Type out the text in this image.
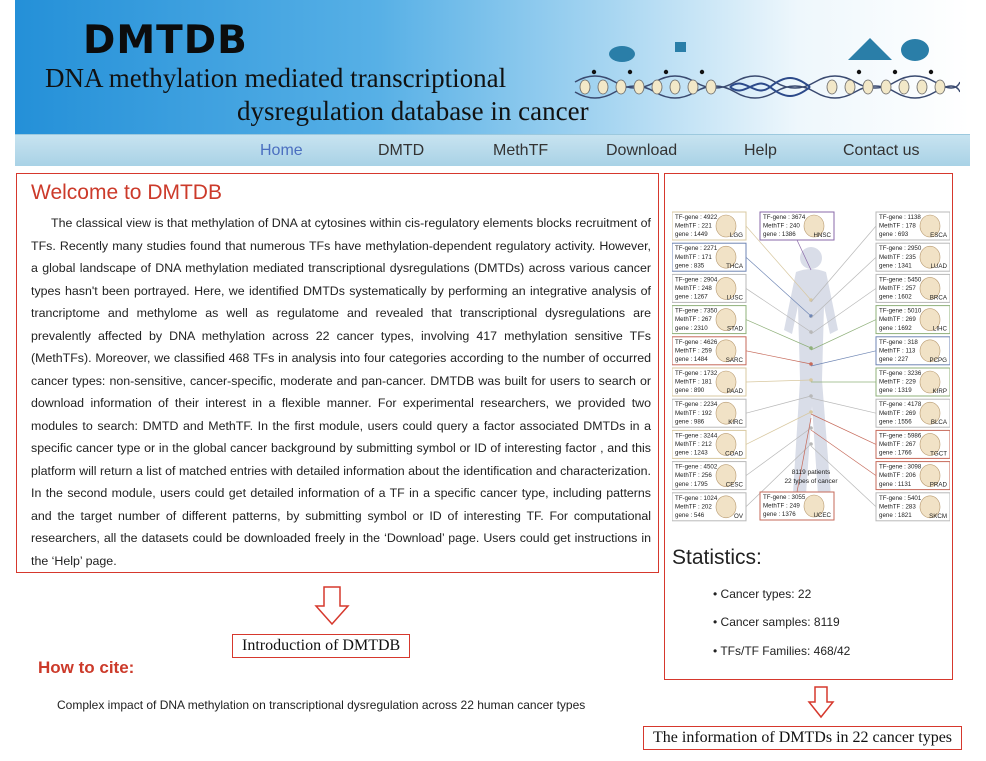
DMTDB
DNA methylation mediated transcriptional
dysregulation database in cancer
Home	DMTD	MethTF	Download	Help	Contact us
Welcome to DMTDB

The classical view is that methylation of DNA at cytosines within cis-regulatory elements blocks recruitment of TFs. Recently many studies found that numerous TFs have methylation-dependent regulatory activity. However, a global landscape of DNA methylation mediated transcriptional dysregulations (DMTDs) across various cancer types hasn't been portrayed. Here, we identified DMTDs systematically by performing an integrative analysis of trancriptome and methylome as well as regulatome and revealed that transcriptional dysregulations are prevalently affected by DNA methylation across 22 cancer types, involving 417 methylation sensitive TFs (MethTFs). Moreover, we classified 468 TFs in analysis into four categories according to the number of occurred cancer types: non-sensitive, cancer-specific, moderate and pan-cancer. DMTDB was built for users to search or download information of their interest in a flexible manner. For experimental researchers, we provided two modules to search: DMTD and MethTF. In the first module, users could query a factor associated DMTDs in a specific cancer type or in the global cancer background by submitting symbol or ID of interesting factor , and this platform will return a list of matched entries with detailed information about the identification and characterization. In the second module, users could get detailed information of a TF in a specific cancer type, including patterns and the target number of different patterns, by submitting symbol or ID of interesting TF. For computational researchers, all the datasets could be downloaded freely in the ‘Download’ page. Users could get instructions in the ‘Help’ page.

TF-gene : 4922
MethTF : 221
gene : 1449	LGG
TF-gene : 2271
MethTF : 171
gene : 835	THCA
TF-gene : 2904
MethTF : 248
gene : 1267	LUSC
TF-gene : 7350
MethTF : 267
gene : 2310	STAD
TF-gene : 4626
MethTF : 259
gene : 1484	SARC
TF-gene : 1732
MethTF : 181
gene : 890	PAAD
TF-gene : 2234
MethTF : 192
gene : 986	KIRC
TF-gene : 3244
MethTF : 212
gene : 1243	COAD
TF-gene : 4502
MethTF : 256
gene : 1795	CESC
TF-gene : 1024
MethTF : 202
gene : 546	OV
TF-gene : 1138
MethTF : 178
gene : 693	ESCA
TF-gene : 2950
MethTF : 235
gene : 1341	LUAD
TF-gene : 5450
MethTF : 257
gene : 1602	BRCA
TF-gene : 5010
MethTF : 269
gene : 1692	LIHC
TF-gene : 318
MethTF : 113
gene : 227	PCPG
TF-gene : 3236
MethTF : 229
gene : 1319	KIRP
TF-gene : 4178
MethTF : 269
gene : 1556	BLCA
TF-gene : 5986
MethTF : 267
gene : 1766	TGCT
TF-gene : 3098
MethTF : 206
gene : 1131	PRAD
TF-gene : 5401
MethTF : 283
gene : 1821	SKCM
TF-gene : 3674
MethTF : 240
gene : 1386	HNSC
TF-gene : 3055
MethTF : 249
gene : 1376	UCEC
8119 patients
22 types of cancer
Statistics:
• Cancer types: 22
• Cancer samples: 8119
• TFs/TF Families: 468/42
Introduction of DMTDB
The information of DMTDs in 22 cancer types
How to cite:
Complex impact of DNA methylation on transcriptional dysregulation across 22 human cancer types
